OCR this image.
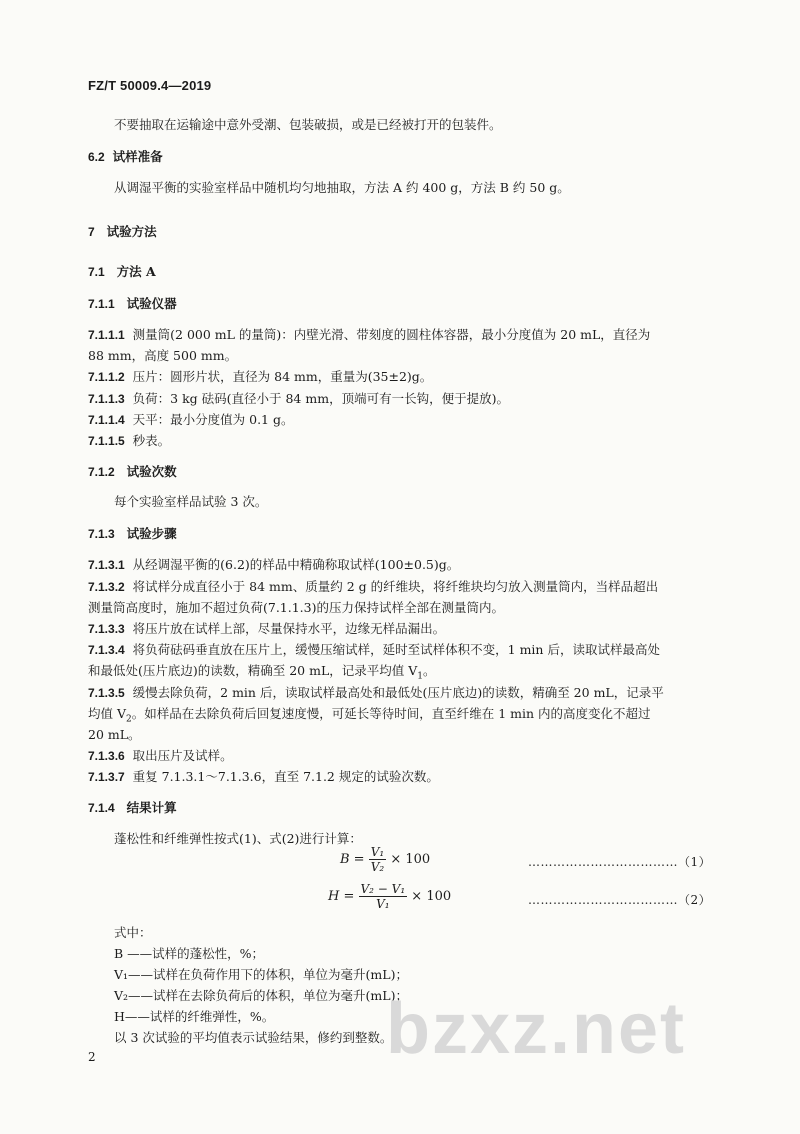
FZ/T 50009.4—2019
不要抽取在运输途中意外受潮、包装破损，或是已经被打开的包装件。
6.2 试样准备
从调湿平衡的实验室样品中随机均匀地抽取，方法 A 约 400 g，方法 B 约 50 g。
7 试验方法
7.1 方法 A
7.1.1 试验仪器
7.1.1.1 测量筒(2 000 mL 的量筒)：内壁光滑、带刻度的圆柱体容器，最小分度值为 20 mL，直径为
88 mm，高度 500 mm。
7.1.1.2 压片：圆形片状，直径为 84 mm，重量为(35±2)g。
7.1.1.3 负荷：3 kg 砝码(直径小于 84 mm，顶端可有一长钩，便于提放)。
7.1.1.4 天平：最小分度值为 0.1 g。
7.1.1.5 秒表。
7.1.2 试验次数
每个实验室样品试验 3 次。
7.1.3 试验步骤
7.1.3.1 从经调湿平衡的(6.2)的样品中精确称取试样(100±0.5)g。
7.1.3.2 将试样分成直径小于 84 mm、质量约 2 g 的纤维块，将纤维块均匀放入测量筒内，当样品超出
测量筒高度时，施加不超过负荷(7.1.1.3)的压力保持试样全部在测量筒内。
7.1.3.3 将压片放在试样上部，尽量保持水平，边缘无样品漏出。
7.1.3.4 将负荷砝码垂直放在压片上，缓慢压缩试样，延时至试样体积不变，1 min 后，读取试样最高处
和最低处(压片底边)的读数，精确至 20 mL，记录平均值 $V_1$。
7.1.3.5 缓慢去除负荷，2 min 后，读取试样最高处和最低处(压片底边)的读数，精确至 20 mL，记录平
均值 $V_2$。如样品在去除负荷后回复速度慢，可延长等待时间，直至纤维在 1 min 内的高度变化不超过
20 mL。
7.1.3.6 取出压片及试样。
7.1.3.7 重复 7.1.3.1～7.1.3.6，直至 7.1.2 规定的试验次数。
7.1.4 结果计算
蓬松性和纤维弹性按式(1)、式(2)进行计算：
$B = \frac{\text{V₁}}{\text{V₂}} \times 100$	………………………………（1）
$H = \frac{\text{V₂ − V₁}}{\text{V₁}} \times 100$	………………………………（2）
式中：
B ——试样的蓬松性，%；
V₁——试样在负荷作用下的体积，单位为毫升(mL)；
V₂——试样在去除负荷后的体积，单位为毫升(mL)；
H——试样的纤维弹性，%。
以 3 次试验的平均值表示试验结果，修约到整数。
2	bzxz.net
